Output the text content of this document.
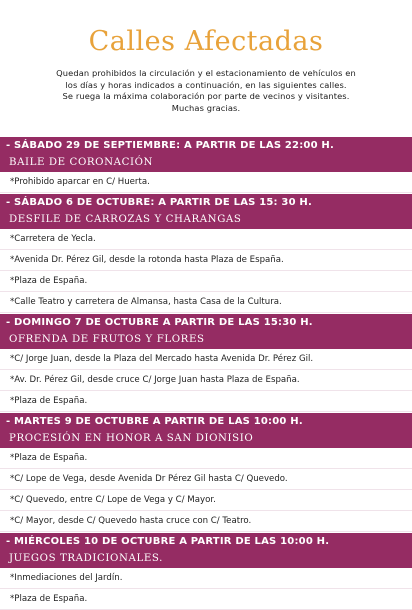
Calles Afectadas
Quedan prohibidos la circulación y el estacionamiento de vehículos en
los días y horas indicados a continuación, en las siguientes calles.
Se ruega la máxima colaboración por parte de vecinos y visitantes.
Muchas gracias.
- SÁBADO 29 DE SEPTIEMBRE: A PARTIR DE LAS 22:00 H.
BAILE DE CORONACIÓN
*Prohibido aparcar en C/ Huerta.
- SÁBADO 6 DE OCTUBRE: A PARTIR DE LAS 15: 30 H.
DESFILE DE CARROZAS Y CHARANGAS
*Carretera de Yecla.
*Avenida Dr. Pérez Gil, desde la rotonda hasta Plaza de España.
*Plaza de España.
*Calle Teatro y carretera de Almansa, hasta Casa de la Cultura.
- DOMINGO 7 DE OCTUBRE A PARTIR DE LAS 15:30 H.
OFRENDA DE FRUTOS Y FLORES
*C/ Jorge Juan, desde la Plaza del Mercado hasta Avenida Dr. Pérez Gil.
*Av. Dr. Pérez Gil, desde cruce C/ Jorge Juan hasta Plaza de España.
*Plaza de España.
- MARTES 9 DE OCTUBRE A PARTIR DE LAS 10:00 H.
PROCESIÓN EN HONOR A SAN DIONISIO
*Plaza de España.
*C/ Lope de Vega, desde Avenida Dr Pérez Gil hasta C/ Quevedo.
*C/ Quevedo, entre C/ Lope de Vega y C/ Mayor.
*C/ Mayor, desde C/ Quevedo hasta cruce con C/ Teatro.
- MIÉRCOLES 10 DE OCTUBRE A PARTIR DE LAS 10:00 H.
JUEGOS TRADICIONALES.
*Inmediaciones del Jardín.
*Plaza de España.
